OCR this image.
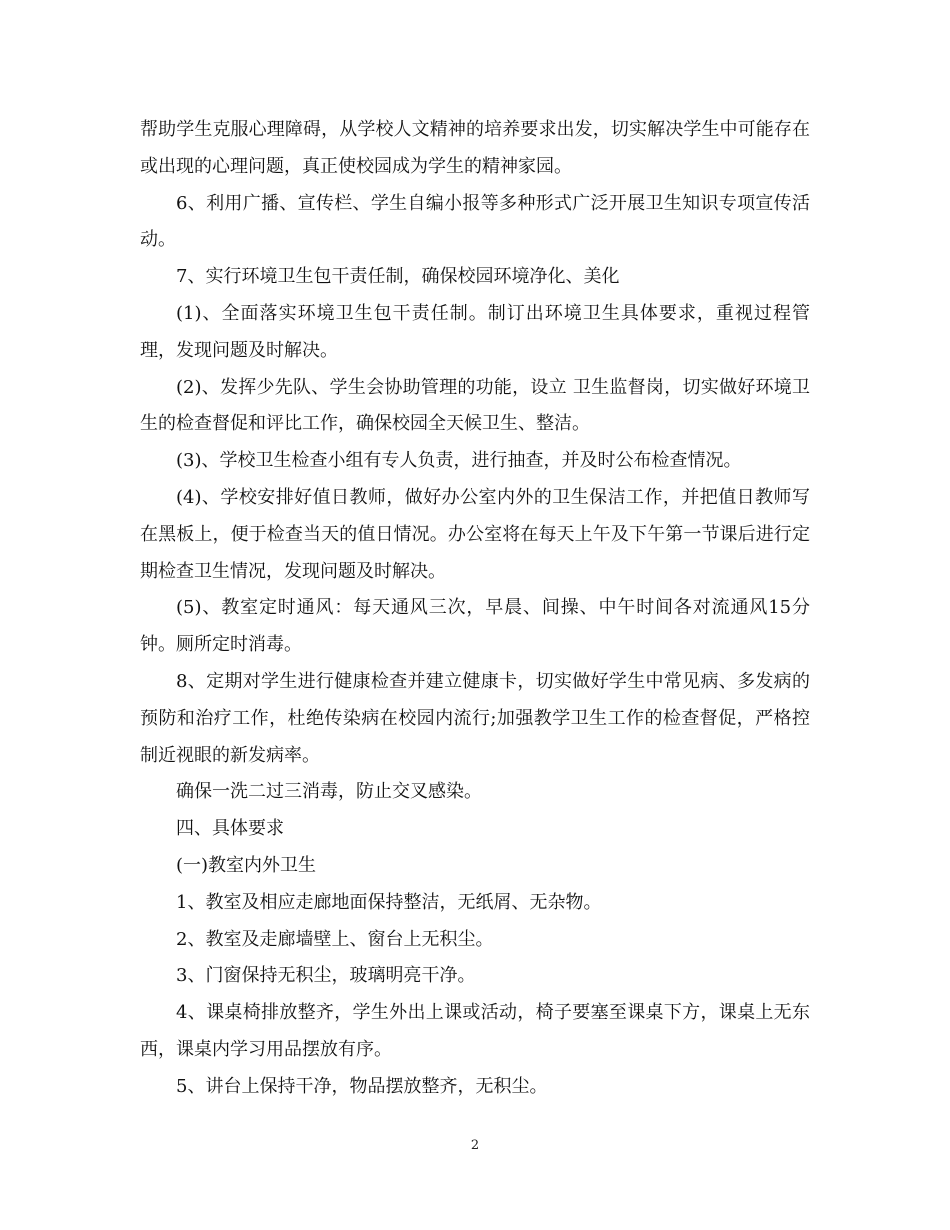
帮助学生克服心理障碍，从学校人文精神的培养要求出发，切实解决学生中可能存在或出现的心理问题，真正使校园成为学生的精神家园。

6、利用广播、宣传栏、学生自编小报等多种形式广泛开展卫生知识专项宣传活动。

7、实行环境卫生包干责任制，确保校园环境净化、美化

(1)、全面落实环境卫生包干责任制。制订出环境卫生具体要求，重视过程管理，发现问题及时解决。

(2)、发挥少先队、学生会协助管理的功能，设立 卫生监督岗，切实做好环境卫生的检查督促和评比工作，确保校园全天候卫生、整洁。

(3)、学校卫生检查小组有专人负责，进行抽查，并及时公布检查情况。

(4)、学校安排好值日教师，做好办公室内外的卫生保洁工作，并把值日教师写在黑板上，便于检查当天的值日情况。办公室将在每天上午及下午第一节课后进行定期检查卫生情况，发现问题及时解决。

(5)、教室定时通风：每天通风三次，早晨、间操、中午时间各对流通风15分钟。厕所定时消毒。

8、定期对学生进行健康检查并建立健康卡，切实做好学生中常见病、多发病的预防和治疗工作，杜绝传染病在校园内流行;加强教学卫生工作的检查督促，严格控制近视眼的新发病率。

确保一洗二过三消毒，防止交叉感染。

四、具体要求

(一)教室内外卫生

1、教室及相应走廊地面保持整洁，无纸屑、无杂物。

2、教室及走廊墙壁上、窗台上无积尘。

3、门窗保持无积尘，玻璃明亮干净。

4、课桌椅排放整齐，学生外出上课或活动，椅子要塞至课桌下方，课桌上无东西，课桌内学习用品摆放有序。

5、讲台上保持干净，物品摆放整齐，无积尘。

2
